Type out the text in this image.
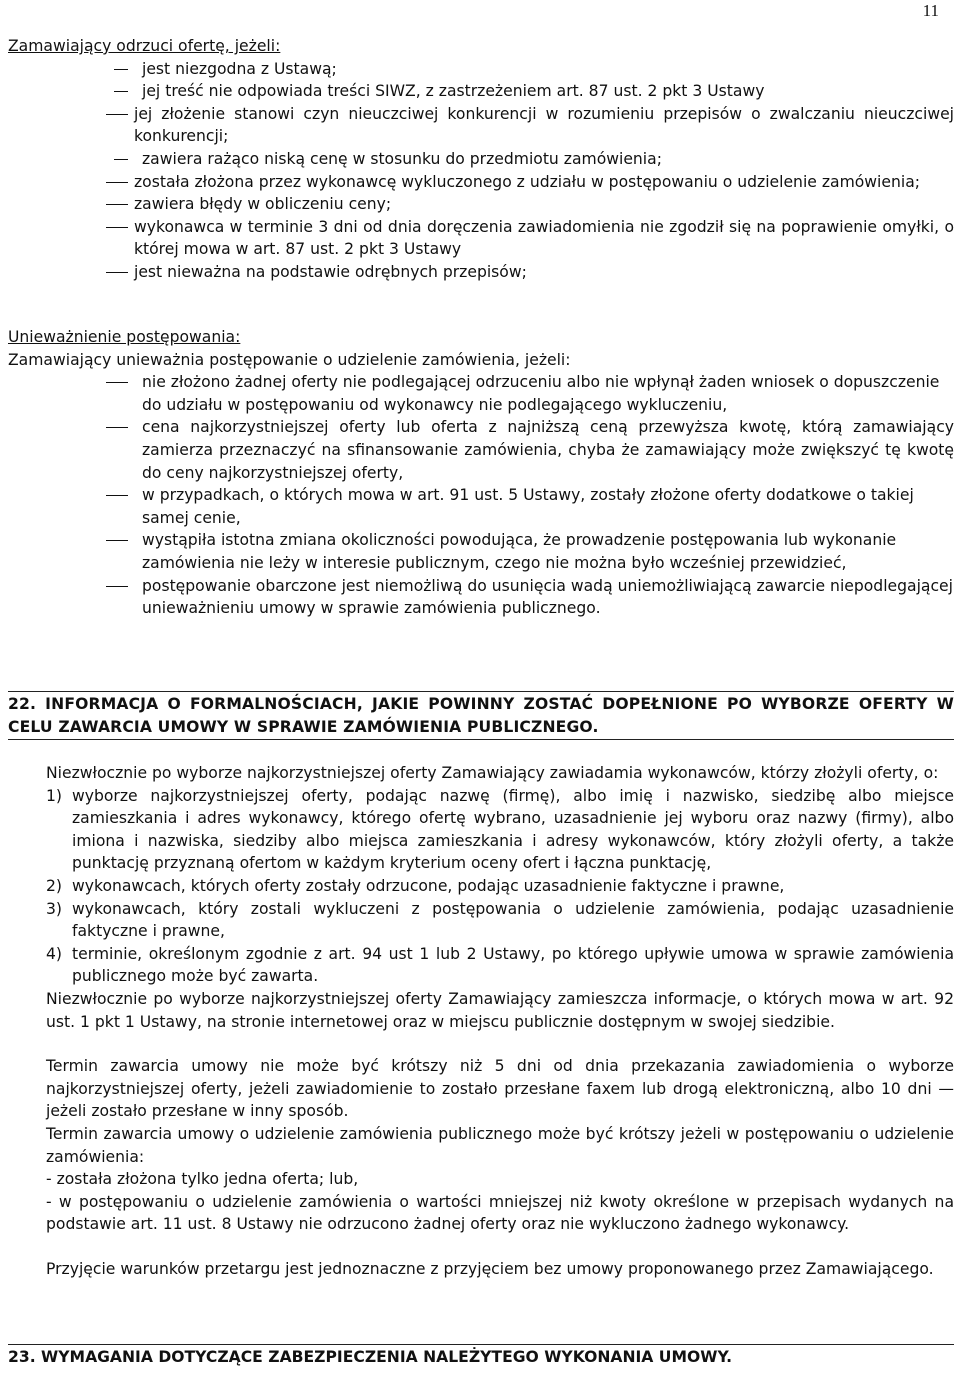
11
Zamawiający odrzuci ofertę, jeżeli:
jest niezgodna z Ustawą;
jej treść nie odpowiada treści SIWZ, z zastrzeżeniem art. 87 ust. 2 pkt 3 Ustawy
jej złożenie stanowi czyn nieuczciwej konkurencji w rozumieniu przepisów o zwalczaniu nieuczciwej konkurencji;
zawiera rażąco niską cenę w stosunku do przedmiotu zamówienia;
została złożona przez wykonawcę wykluczonego z udziału w postępowaniu o udzielenie zamówienia;
zawiera błędy w obliczeniu ceny;
wykonawca w terminie 3 dni od dnia doręczenia zawiadomienia nie zgodził się na poprawienie omyłki, o której mowa w art. 87 ust. 2 pkt 3 Ustawy
jest nieważna na podstawie odrębnych przepisów;
Unieważnienie postępowania:
Zamawiający unieważnia postępowanie o udzielenie zamówienia, jeżeli:
nie złożono żadnej oferty nie podlegającej odrzuceniu albo nie wpłynął żaden wniosek o dopuszczenie do udziału w postępowaniu od wykonawcy nie podlegającego wykluczeniu,
cena najkorzystniejszej oferty lub oferta z najniższą ceną przewyższa kwotę, którą zamawiający zamierza przeznaczyć na sfinansowanie zamówienia, chyba że zamawiający może zwiększyć tę kwotę do ceny najkorzystniejszej oferty,
w przypadkach, o których mowa w art. 91 ust. 5 Ustawy, zostały złożone oferty dodatkowe o takiej samej cenie,
wystąpiła istotna zmiana okoliczności powodująca, że prowadzenie postępowania lub wykonanie zamówienia nie leży w interesie publicznym, czego nie można było wcześniej przewidzieć,
postępowanie obarczone jest niemożliwą do usunięcia wadą uniemożliwiającą zawarcie niepodlegającej unieważnieniu umowy w sprawie zamówienia publicznego.
22. INFORMACJA O FORMALNOŚCIACH, JAKIE POWINNY ZOSTAĆ DOPEŁNIONE PO WYBORZE OFERTY W CELU ZAWARCIA UMOWY W SPRAWIE ZAMÓWIENIA PUBLICZNEGO.
Niezwłocznie po wyborze najkorzystniejszej oferty Zamawiający zawiadamia wykonawców, którzy złożyli oferty, o:
1) wyborze najkorzystniejszej oferty, podając nazwę (firmę), albo imię i nazwisko, siedzibę albo miejsce zamieszkania i adres wykonawcy, którego ofertę wybrano, uzasadnienie jej wyboru oraz nazwy (firmy), albo imiona i nazwiska, siedziby albo miejsca zamieszkania i adresy wykonawców, który złożyli oferty, a także punktację przyznaną ofertom w każdym kryterium oceny ofert i łączna punktację,
2) wykonawcach, których oferty zostały odrzucone, podając uzasadnienie faktyczne i prawne,
3) wykonawcach, który zostali wykluczeni z postępowania o udzielenie zamówienia, podając uzasadnienie faktyczne i prawne,
4) terminie, określonym zgodnie z art. 94 ust 1 lub 2 Ustawy, po którego upływie umowa w sprawie zamówienia publicznego może być zawarta.
Niezwłocznie po wyborze najkorzystniejszej oferty Zamawiający zamieszcza informacje, o których mowa w art. 92 ust. 1 pkt 1 Ustawy, na stronie internetowej oraz w miejscu publicznie dostępnym w swojej siedzibie.
Termin zawarcia umowy nie może być krótszy niż 5 dni od dnia przekazania zawiadomienia o wyborze najkorzystniejszej oferty, jeżeli zawiadomienie to zostało przesłane faxem lub drogą elektroniczną, albo 10 dni — jeżeli zostało przesłane w inny sposób.
Termin zawarcia umowy o udzielenie zamówienia publicznego może być krótszy jeżeli w postępowaniu o udzielenie zamówienia:
- została złożona tylko jedna oferta; lub,
- w postępowaniu o udzielenie zamówienia o wartości mniejszej niż kwoty określone w przepisach wydanych na podstawie art. 11 ust. 8 Ustawy nie odrzucono żadnej oferty oraz nie wykluczono żadnego wykonawcy.
Przyjęcie warunków przetargu jest jednoznaczne z przyjęciem bez umowy proponowanego przez Zamawiającego.
23. WYMAGANIA DOTYCZĄCE ZABEZPIECZENIA NALEŻYTEGO WYKONANIA UMOWY.
